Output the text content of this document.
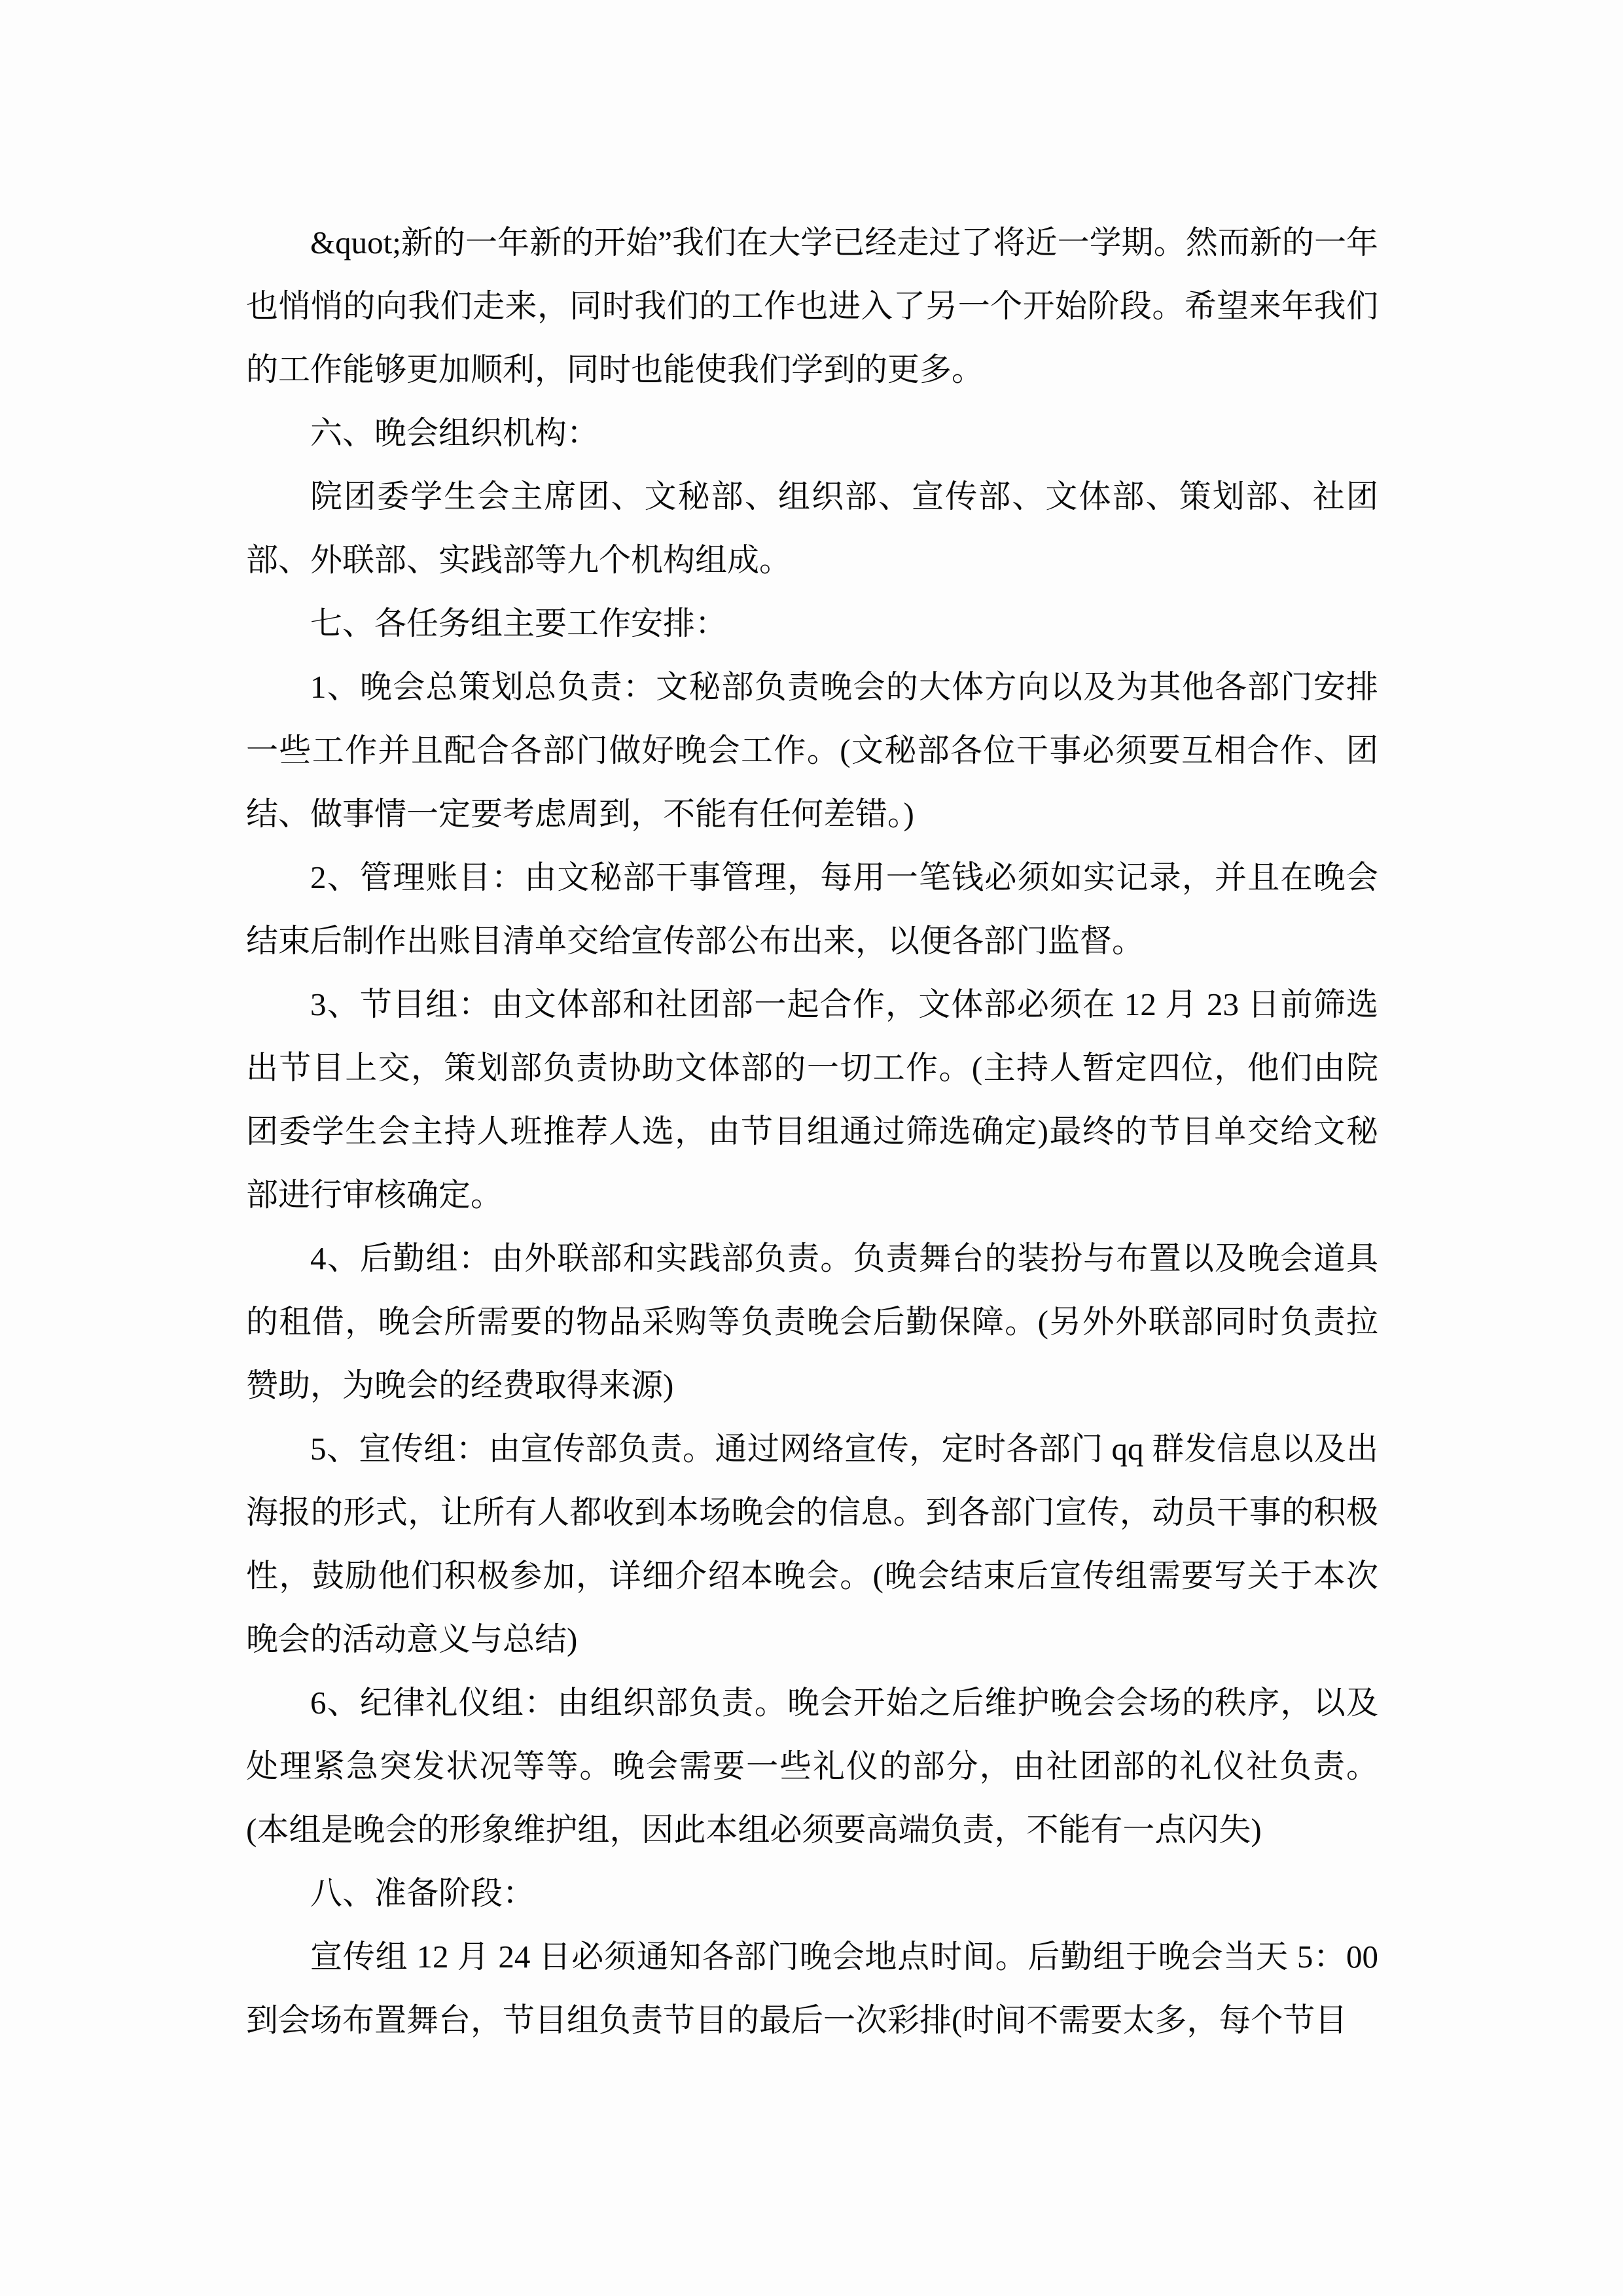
&quot;新的一年新的开始”我们在大学已经走过了将近一学期。然而新的一年也悄悄的向我们走来，同时我们的工作也进入了另一个开始阶段。希望来年我们的工作能够更加顺利，同时也能使我们学到的更多。

六、晚会组织机构：

院团委学生会主席团、文秘部、组织部、宣传部、文体部、策划部、社团部、外联部、实践部等九个机构组成。

七、各任务组主要工作安排：

1、晚会总策划总负责：文秘部负责晚会的大体方向以及为其他各部门安排一些工作并且配合各部门做好晚会工作。(文秘部各位干事必须要互相合作、团结、做事情一定要考虑周到，不能有任何差错。)

2、管理账目：由文秘部干事管理，每用一笔钱必须如实记录，并且在晚会结束后制作出账目清单交给宣传部公布出来，以便各部门监督。

3、节目组：由文体部和社团部一起合作，文体部必须在 12 月 23 日前筛选出节目上交，策划部负责协助文体部的一切工作。(主持人暂定四位，他们由院团委学生会主持人班推荐人选，由节目组通过筛选确定)最终的节目单交给文秘部进行审核确定。

4、后勤组：由外联部和实践部负责。负责舞台的装扮与布置以及晚会道具的租借，晚会所需要的物品采购等负责晚会后勤保障。(另外外联部同时负责拉赞助，为晚会的经费取得来源)

5、宣传组：由宣传部负责。通过网络宣传，定时各部门 qq 群发信息以及出海报的形式，让所有人都收到本场晚会的信息。到各部门宣传，动员干事的积极性，鼓励他们积极参加，详细介绍本晚会。(晚会结束后宣传组需要写关于本次晚会的活动意义与总结)

6、纪律礼仪组：由组织部负责。晚会开始之后维护晚会会场的秩序，以及处理紧急突发状况等等。晚会需要一些礼仪的部分，由社团部的礼仪社负责。(本组是晚会的形象维护组，因此本组必须要高端负责，不能有一点闪失)

八、准备阶段：

宣传组 12 月 24 日必须通知各部门晚会地点时间。后勤组于晚会当天 5：00到会场布置舞台，节目组负责节目的最后一次彩排(时间不需要太多，每个节目
